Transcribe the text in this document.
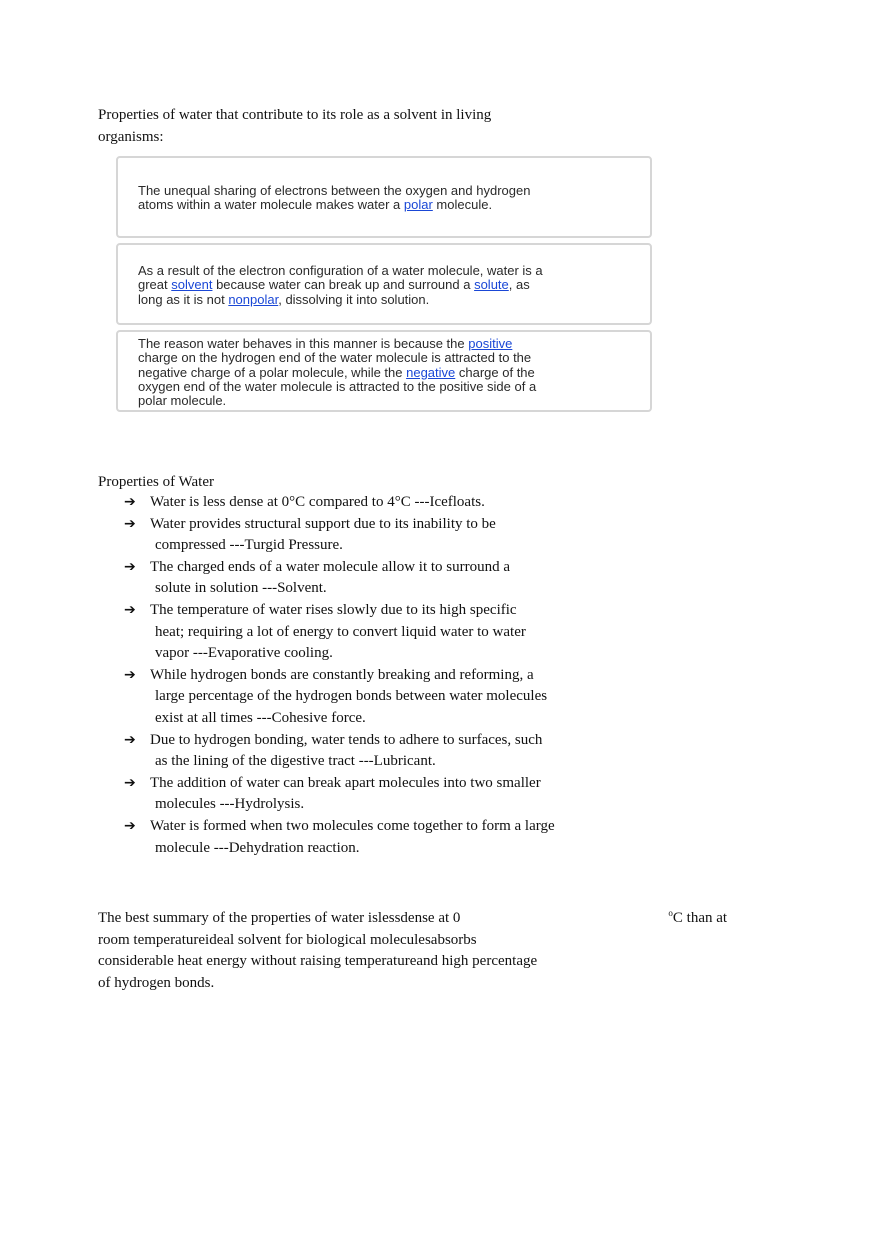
Properties of water that contribute to its role as a solvent in living
organisms:
The unequal sharing of electrons between the oxygen and hydrogen
atoms within a water molecule makes water a polar molecule.
As a result of the electron configuration of a water molecule, water is a
great solvent because water can break up and surround a solute, as
long as it is not nonpolar, dissolving it into solution.
The reason water behaves in this manner is because the positive
charge on the hydrogen end of the water molecule is attracted to the
negative charge of a polar molecule, while the negative charge of the
oxygen end of the water molecule is attracted to the positive side of a
polar molecule.
Properties of Water
➔ Water is less dense at 0°C compared to 4°C ---Icefloats.
➔ Water provides structural support due to its inability to be
compressed ---Turgid Pressure.
➔ The charged ends of a water molecule allow it to surround a
solute in solution ---Solvent.
➔ The temperature of water rises slowly due to its high specific
heat; requiring a lot of energy to convert liquid water to water
vapor ---Evaporative cooling.
➔ While hydrogen bonds are constantly breaking and reforming, a
large percentage of the hydrogen bonds between water molecules
exist at all times ---Cohesive force.
➔ Due to hydrogen bonding, water tends to adhere to surfaces, such
as the lining of the digestive tract ---Lubricant.
➔ The addition of water can break apart molecules into two smaller
molecules ---Hydrolysis.
➔ Water is formed when two molecules come together to form a large
molecule ---Dehydration reaction.
The best summary of the properties of water islessdense at 0	$^o$C than at
room temperatureideal solvent for biological moleculesabsorbs
considerable heat energy without raising temperatureand high percentage
of hydrogen bonds.
